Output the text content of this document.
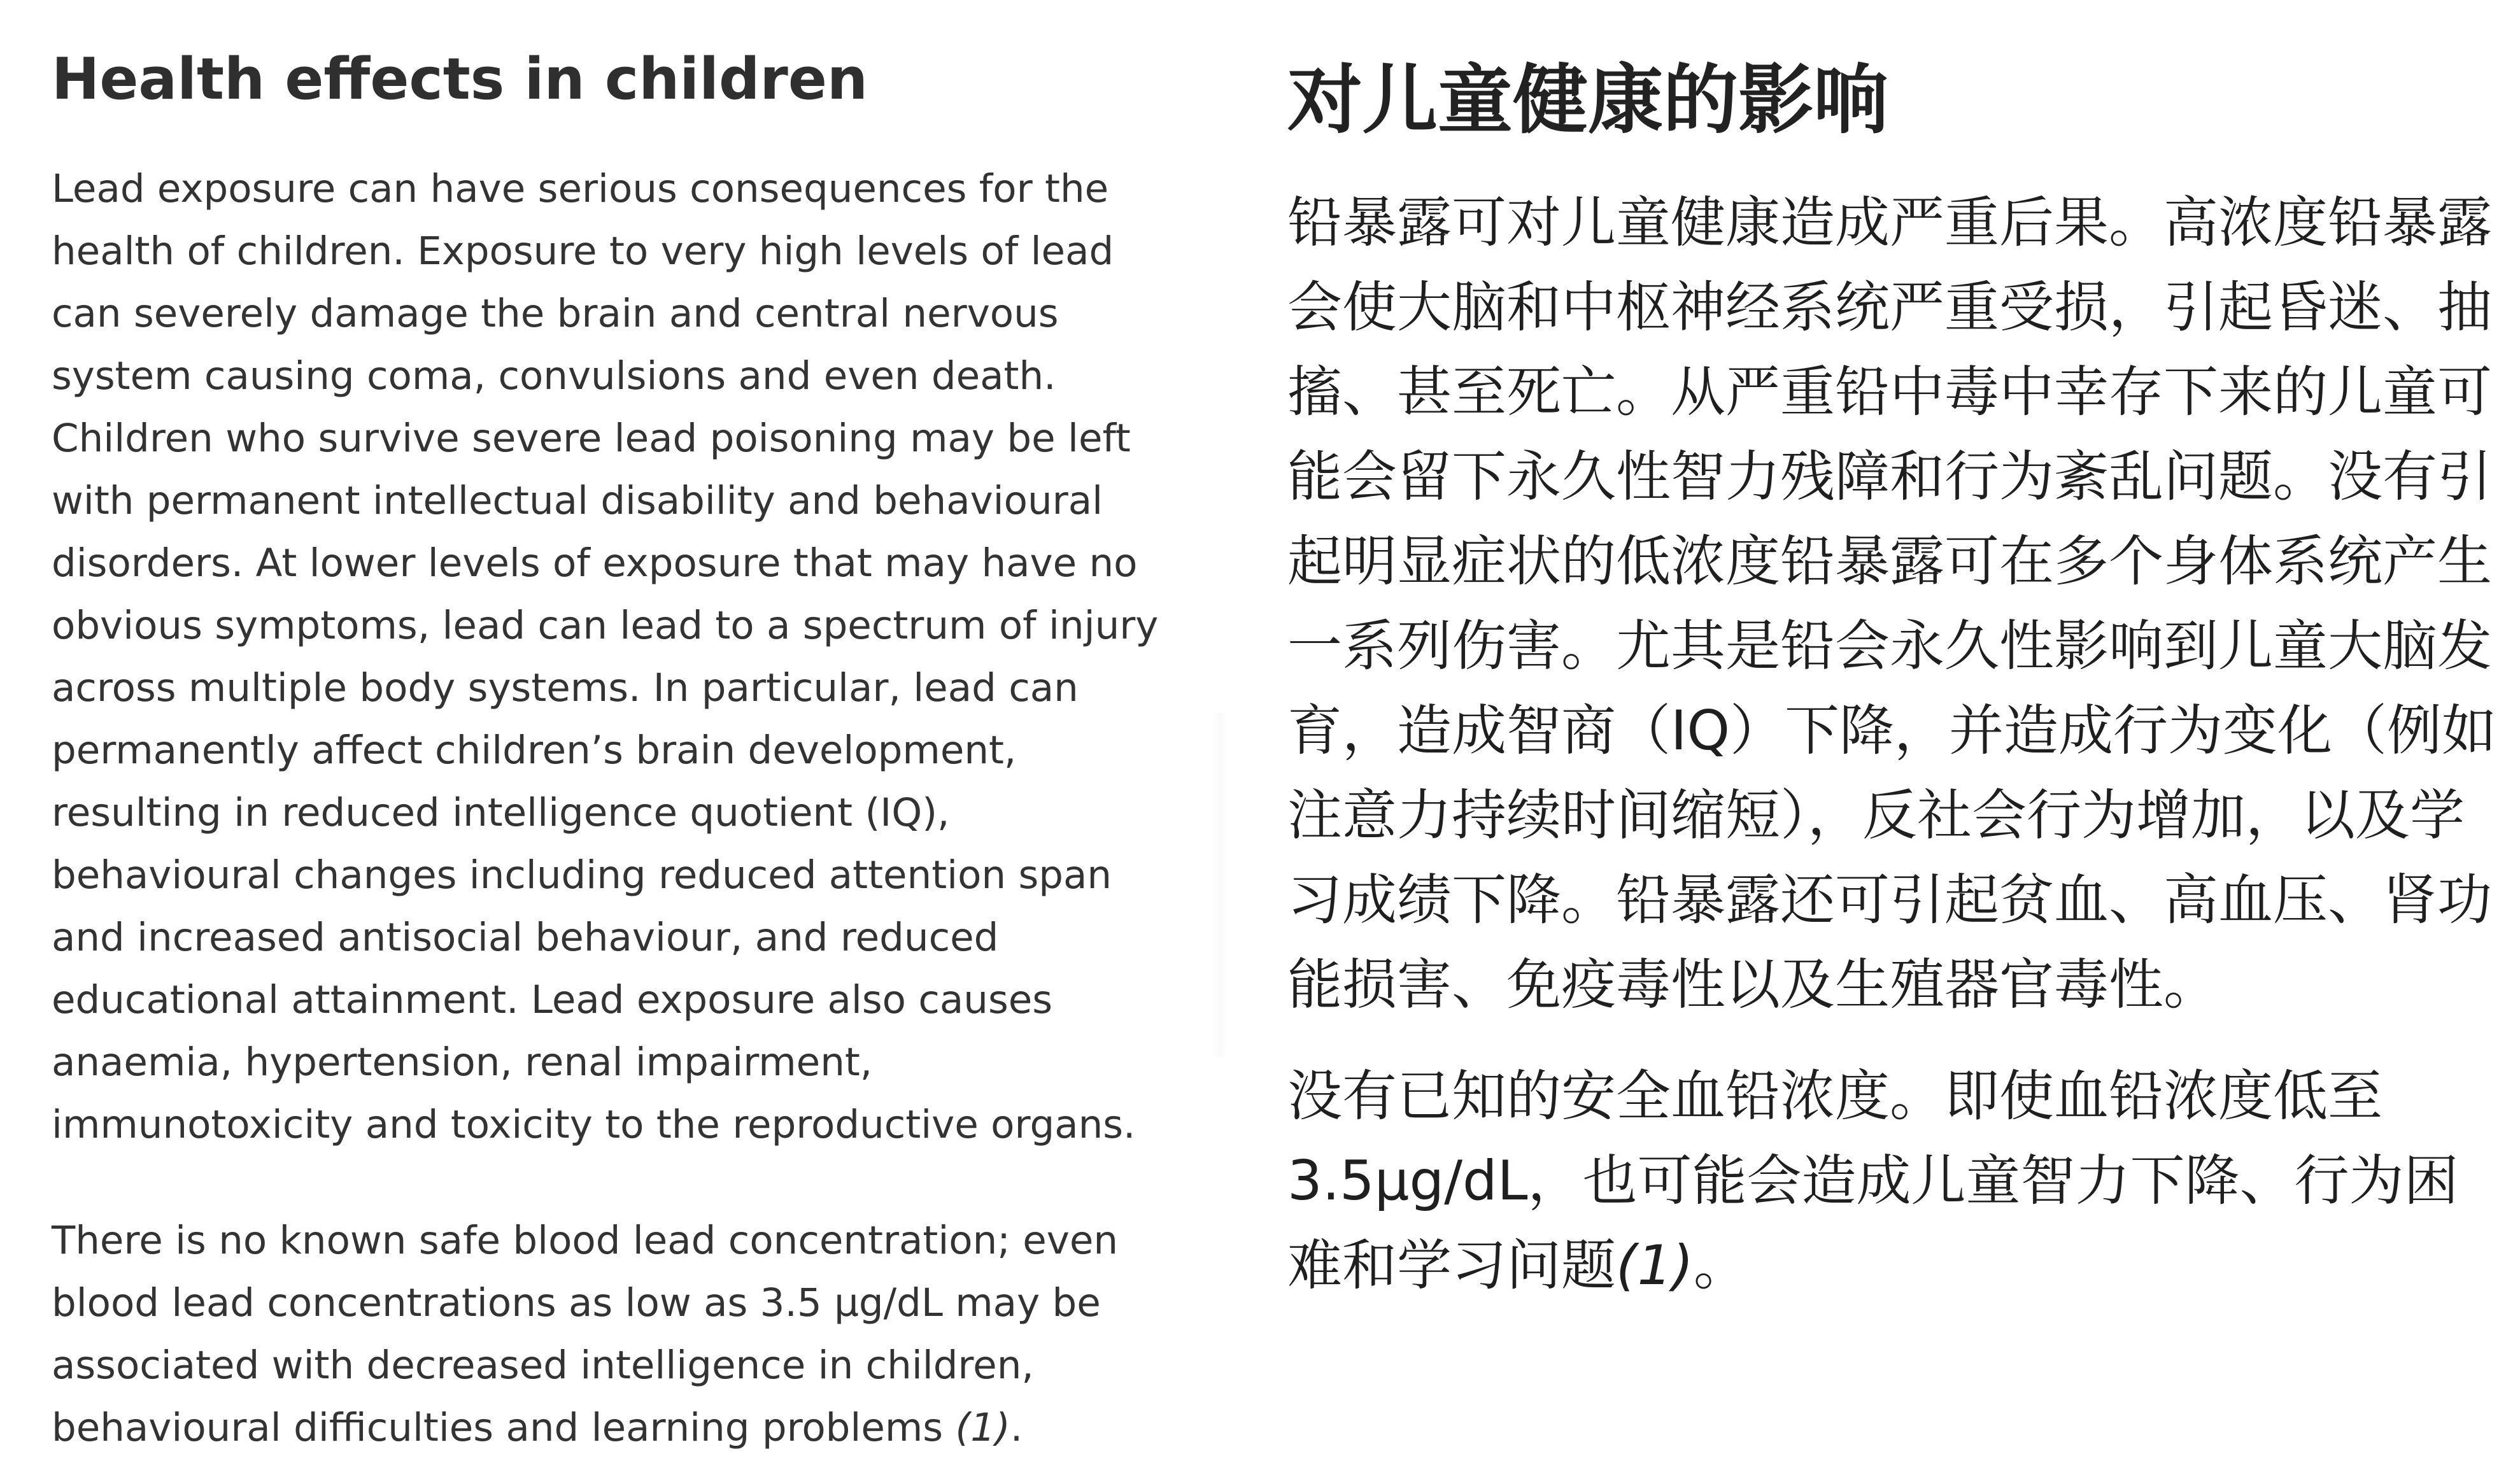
Health effects in children

Lead exposure can have serious consequences for the health of children. Exposure to very high levels of lead can severely damage the brain and central nervous system causing coma, convulsions and even death. Children who survive severe lead poisoning may be left with permanent intellectual disability and behavioural disorders. At lower levels of exposure that may have no obvious symptoms, lead can lead to a spectrum of injury across multiple body systems. In particular, lead can permanently affect children’s brain development, resulting in reduced intelligence quotient (IQ), behavioural changes including reduced attention span and increased antisocial behaviour, and reduced educational attainment. Lead exposure also causes anaemia, hypertension, renal impairment, immunotoxicity and toxicity to the reproductive organs.

There is no known safe blood lead concentration; even blood lead concentrations as low as 3.5 µg/dL may be associated with decreased intelligence in children, behavioural difficulties and learning problems (1).

对儿童健康的影响

铅暴露可对儿童健康造成严重后果。高浓度铅暴露会使大脑和中枢神经系统严重受损，引起昏迷、抽搐、甚至死亡。从严重铅中毒中幸存下来的儿童可能会留下永久性智力残障和行为紊乱问题。没有引起明显症状的低浓度铅暴露可在多个身体系统产生一系列伤害。尤其是铅会永久性影响到儿童大脑发育，造成智商（IQ）下降，并造成行为变化（例如注意力持续时间缩短），反社会行为增加，以及学习成绩下降。铅暴露还可引起贫血、高血压、肾功能损害、免疫毒性以及生殖器官毒性。

没有已知的安全血铅浓度。即使血铅浓度低至3.5µg/dL，也可能会造成儿童智力下降、行为困难和学习问题(1)。
